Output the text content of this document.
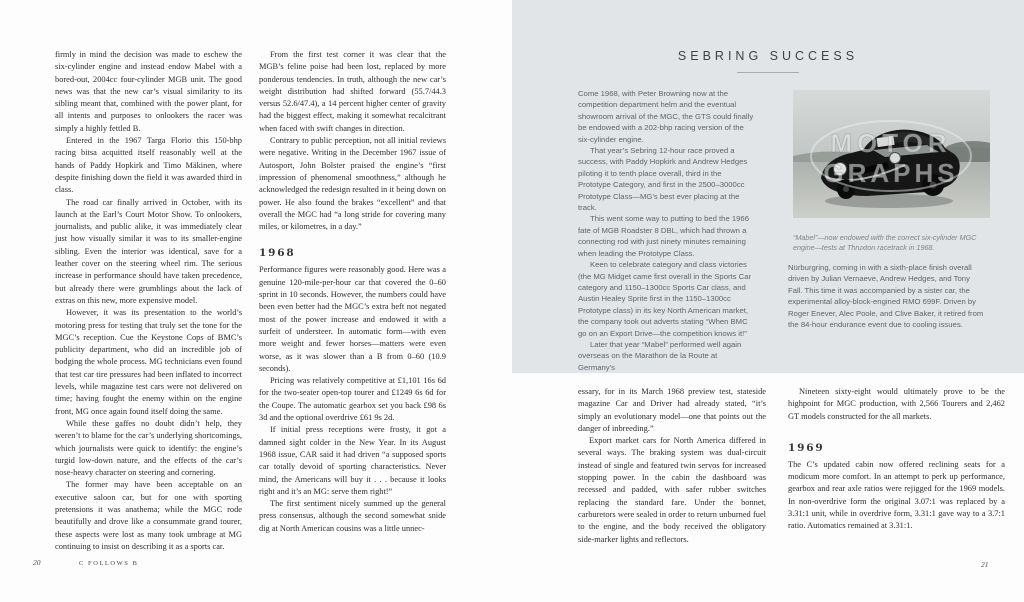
firmly in mind the decision was made to eschew the six-cylinder engine and instead endow Mabel with a bored-out, 2004cc four-cylinder MGB unit. The good news was that the new car’s visual similarity to its sibling meant that, combined with the power plant, for all intents and purposes to onlookers the racer was simply a highly fettled B.

Entered in the 1967 Targa Florio this 150-bhp racing bitsa acquitted itself reasonably well at the hands of Paddy Hopkirk and Timo Mäkinen, where despite finishing down the field it was awarded third in class.

The road car finally arrived in October, with its launch at the Earl’s Court Motor Show. To onlookers, journalists, and public alike, it was immediately clear just how visually similar it was to its smaller-engine sibling. Even the interior was identical, save for a leather cover on the steering wheel rim. The serious increase in performance should have taken precedence, but already there were grumblings about the lack of extras on this new, more expensive model.

However, it was its presentation to the world’s motoring press for testing that truly set the tone for the MGC’s reception. Cue the Keystone Cops of BMC’s publicity department, who did an incredible job of bodging the whole process. MG technicians even found that test car tire pressures had been inflated to incorrect levels, while magazine test cars were not delivered on time; having fought the enemy within on the engine front, MG once again found itself doing the same.

While these gaffes no doubt didn’t help, they weren’t to blame for the car’s underlying shortcomings, which journalists were quick to identify: the engine’s turgid low-down nature, and the effects of the car’s nose-heavy character on steering and cornering.

The former may have been acceptable on an executive saloon car, but for one with sporting pretensions it was anathema; while the MGC rode beautifully and drove like a consummate grand tourer, these aspects were lost as many took umbrage at MG continuing to insist on describing it as a sports car.

From the first test corner it was clear that the MGB’s feline poise had been lost, replaced by more ponderous tendencies. In truth, although the new car’s weight distribution had shifted forward (55.7/44.3 versus 52.6/47.4), a 14 percent higher center of gravity had the biggest effect, making it somewhat recalcitrant when faced with swift changes in direction.

Contrary to public perception, not all initial reviews were negative. Writing in the December 1967 issue of Autosport, John Bolster praised the engine’s “first impression of phenomenal smoothness,” although he acknowledged the redesign resulted in it being down on power. He also found the brakes “excellent” and that overall the MGC had “a long stride for covering many miles, or kilometres, in a day.”

1968

Performance figures were reasonably good. Here was a genuine 120-mile-per-hour car that covered the 0–60 sprint in 10 seconds. However, the numbers could have been even better had the MGC’s extra heft not negated most of the power increase and endowed it with a surfeit of understeer. In automatic form—with even more weight and fewer horses—matters were even worse, as it was slower than a B from 0–60 (10.9 seconds).

Pricing was relatively competitive at £1,101 16s 6d for the two-seater open-top tourer and £1249 6s 6d for the Coupe. The automatic gearbox set you back £98 6s 3d and the optional overdrive £61 9s 2d.

If initial press receptions were frosty, it got a damned sight colder in the New Year. In its August 1968 issue, CAR said it had driven “a supposed sports car totally devoid of sporting characteristics. Never mind, the Americans will buy it . . . because it looks right and it’s an MG: serve them right!”

The first sentiment nicely summed up the general press consensus, although the second somewhat snide dig at North American cousins was a little unnec-

20	C FOLLOWS B
SEBRING SUCCESS

Come 1968, with Peter Browning now at the competition department helm and the eventual showroom arrival of the MGC, the GTS could finally be endowed with a 202-bhp racing version of the six-cylinder engine.

That year’s Sebring 12-hour race proved a success, with Paddy Hopkirk and Andrew Hedges piloting it to tenth place overall, third in the Prototype Category, and first in the 2500–3000cc Prototype Class—MG’s best ever placing at the track.

This went some way to putting to bed the 1966 fate of MGB Roadster 8 DBL, which had thrown a connecting rod with just ninety minutes remaining when leading the Prototype Class.

Keen to celebrate category and class victories (the MG Midget came first overall in the Sports Car category and 1150–1300cc Sports Car class, and Austin Healey Sprite first in the 1150–1300cc Prototype class) in its key North American market, the company took out adverts stating “When BMC go on an Export Drive—the competition knows it!”

Later that year “Mabel” performed well again overseas on the Marathon de la Route at Germany’s

MOTOR
GRAPHS

“Mabel”—now endowed with the correct six-cylinder MGC engine—tests at Thruxton racetrack in 1968.

Nürburgring, coming in with a sixth-place finish overall driven by Julian Vernaeve, Andrew Hedges, and Tony Fall. This time it was accompanied by a sister car, the experimental alloy-block-engined RMO 699F. Driven by Roger Enever, Alec Poole, and Clive Baker, it retired from the 84-hour endurance event due to cooling issues.

essary, for in its March 1968 preview test, stateside magazine Car and Driver had already stated, “it’s simply an evolutionary model—one that points out the danger of inbreeding.”

Export market cars for North America differed in several ways. The braking system was dual-circuit instead of single and featured twin servos for increased stopping power. In the cabin the dashboard was recessed and padded, with safer rubber switches replacing the standard fare. Under the bonnet, carburetors were sealed in order to return unburned fuel to the engine, and the body received the obligatory side-marker lights and reflectors.

Nineteen sixty-eight would ultimately prove to be the highpoint for MGC production, with 2,566 Tourers and 2,462 GT models constructed for the all markets.

1969

The C’s updated cabin now offered reclining seats for a modicum more comfort. In an attempt to perk up performance, gearbox and rear axle ratios were rejigged for the 1969 models. In non-overdrive form the original 3.07:1 was replaced by a 3.31:1 unit, while in overdrive form, 3.31:1 gave way to a 3.7:1 ratio. Automatics remained at 3.31:1.

21
